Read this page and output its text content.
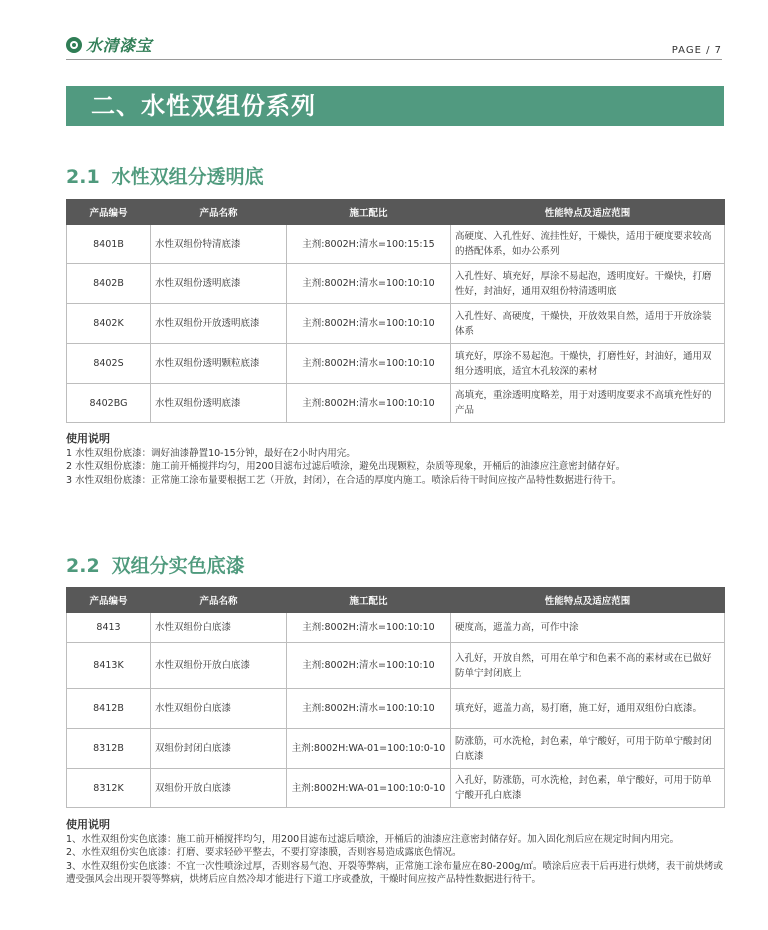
水清漆宝	PAGE / 7
二、水性双组份系列
2.1 水性双组分透明底
产品编号	产品名称	施工配比	性能特点及适应范围
8401B	水性双组份特清底漆	主剂:8002H:清水=100:15:15	高硬度、入孔性好、流挂性好，干燥快，适用于硬度要求较高的搭配体系，如办公系列
8402B	水性双组份透明底漆	主剂:8002H:清水=100:10:10	入孔性好、填充好，厚涂不易起泡，透明度好。干燥快，打磨性好，封油好，通用双组份特清透明底
8402K	水性双组份开放透明底漆	主剂:8002H:清水=100:10:10	入孔性好、高硬度，干燥快，开放效果自然，适用于开放涂装体系
8402S	水性双组份透明颗粒底漆	主剂:8002H:清水=100:10:10	填充好，厚涂不易起泡。干燥快，打磨性好，封油好，通用双组分透明底，适宜木孔较深的素材
8402BG	水性双组份透明底漆	主剂:8002H:清水=100:10:10	高填充，重涂透明度略差，用于对透明度要求不高填充性好的产品
使用说明

1 水性双组份底漆：调好油漆静置10-15分钟，最好在2小时内用完。

2 水性双组份底漆：施工前开桶搅拌均匀，用200目滤布过滤后喷涂，避免出现颗粒，杂质等现象，开桶后的油漆应注意密封储存好。

3 水性双组份底漆：正常施工涂布量要根据工艺（开放，封闭），在合适的厚度内施工。喷涂后待干时间应按产品特性数据进行待干。

2.2 双组分实色底漆
产品编号	产品名称	施工配比	性能特点及适应范围
8413	水性双组份白底漆	主剂:8002H:清水=100:10:10	硬度高，遮盖力高，可作中涂
8413K	水性双组份开放白底漆	主剂:8002H:清水=100:10:10	入孔好，开放自然，可用在单宁和色素不高的素材或在已做好防单宁封闭底上
8412B	水性双组份白底漆	主剂:8002H:清水=100:10:10	填充好，遮盖力高，易打磨，施工好，通用双组份白底漆。
8312B	双组份封闭白底漆	主剂:8002H:WA-01=100:10:0-10	防涨筋，可水洗枪，封色素，单宁酸好，可用于防单宁酸封闭白底漆
8312K	双组份开放白底漆	主剂:8002H:WA-01=100:10:0-10	入孔好，防涨筋，可水洗枪，封色素，单宁酸好，可用于防单宁酸开孔白底漆
使用说明

1、水性双组份实色底漆：施工前开桶搅拌均匀，用200目滤布过滤后喷涂，开桶后的油漆应注意密封储存好。加入固化剂后应在规定时间内用完。

2、水性双组份实色底漆：打磨、要求轻砂平整去，不要打穿漆膜，否则容易造成露底色情况。

3、水性双组份实色底漆：不宜一次性喷涂过厚，否则容易气泡、开裂等弊病，正常施工涂布量应在80-200g/㎡。喷涂后应表干后再进行烘烤，表干前烘烤或遭受强风会出现开裂等弊病，烘烤后应自然冷却才能进行下道工序或叠放，干燥时间应按产品特性数据进行待干。
